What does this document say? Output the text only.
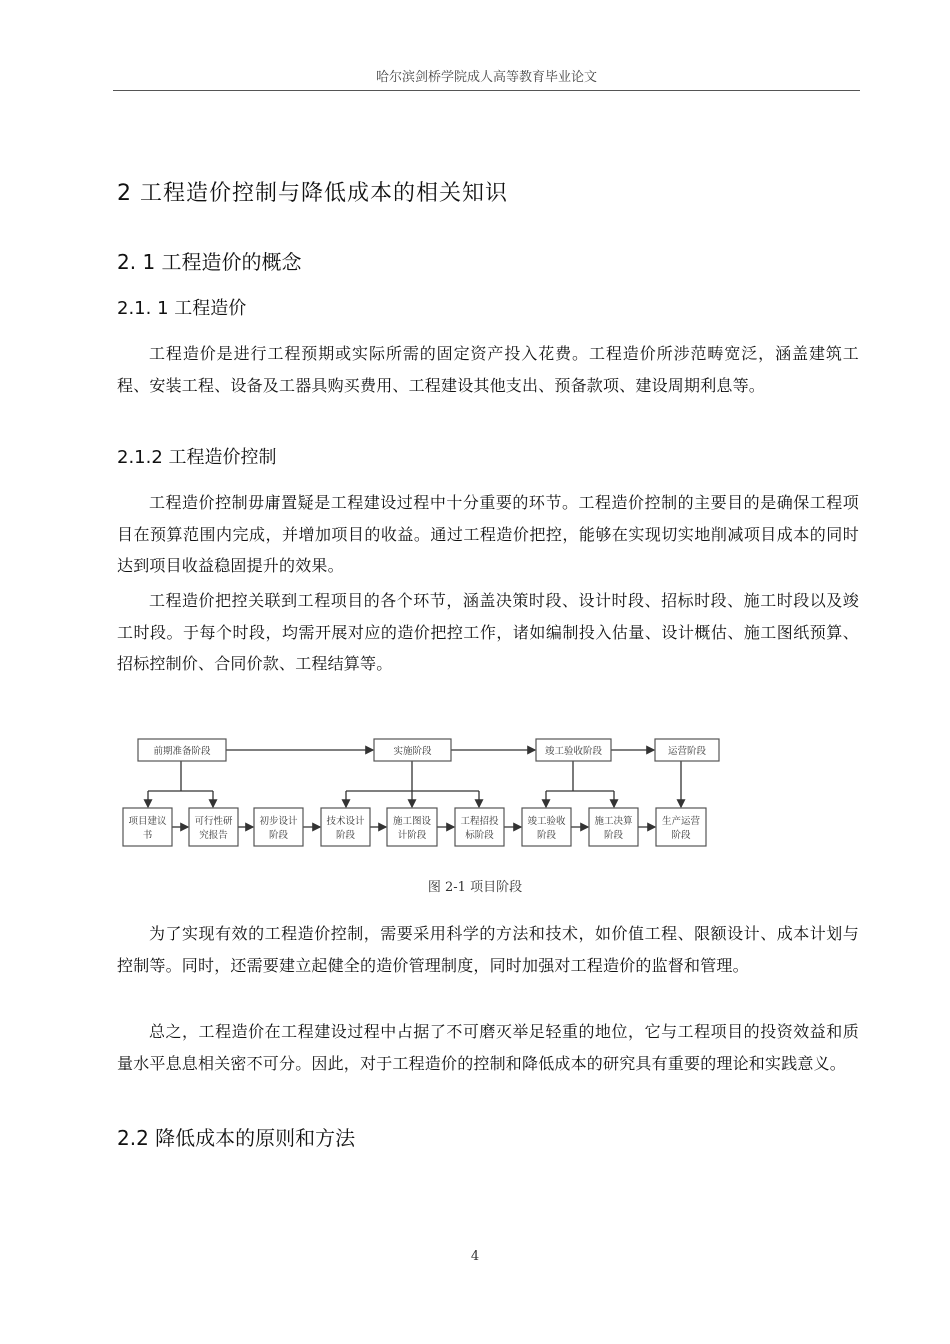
哈尔滨剑桥学院成人高等教育毕业论文
2 工程造价控制与降低成本的相关知识
2. 1 工程造价的概念
2.1. 1 工程造价
工程造价是进行工程预期或实际所需的固定资产投入花费。工程造价所涉范畴宽泛，涵盖建筑工程、安装工程、设备及工器具购买费用、工程建设其他支出、预备款项、建设周期利息等。
2.1.2 工程造价控制
工程造价控制毋庸置疑是工程建设过程中十分重要的环节。工程造价控制的主要目的是确保工程项目在预算范围内完成，并增加项目的收益。通过工程造价把控，能够在实现切实地削减项目成本的同时达到项目收益稳固提升的效果。
工程造价把控关联到工程项目的各个环节，涵盖决策时段、设计时段、招标时段、施工时段以及竣工时段。于每个时段，均需开展对应的造价把控工作，诸如编制投入估量、设计概估、施工图纸预算、招标控制价、合同价款、工程结算等。
前期准备阶段	实施阶段	竣工验收阶段	运营阶段
项目建议
书
可行性研
究报告
初步设计
阶段
技术设计
阶段
施工图设
计阶段
工程招投
标阶段
竣工验收
阶段
施工决算
阶段
生产运营
阶段
图 2-1 项目阶段
为了实现有效的工程造价控制，需要采用科学的方法和技术，如价值工程、限额设计、成本计划与控制等。同时，还需要建立起健全的造价管理制度，同时加强对工程造价的监督和管理。
总之，工程造价在工程建设过程中占据了不可磨灭举足轻重的地位，它与工程项目的投资效益和质量水平息息相关密不可分。因此，对于工程造价的控制和降低成本的研究具有重要的理论和实践意义。
2.2 降低成本的原则和方法
4
